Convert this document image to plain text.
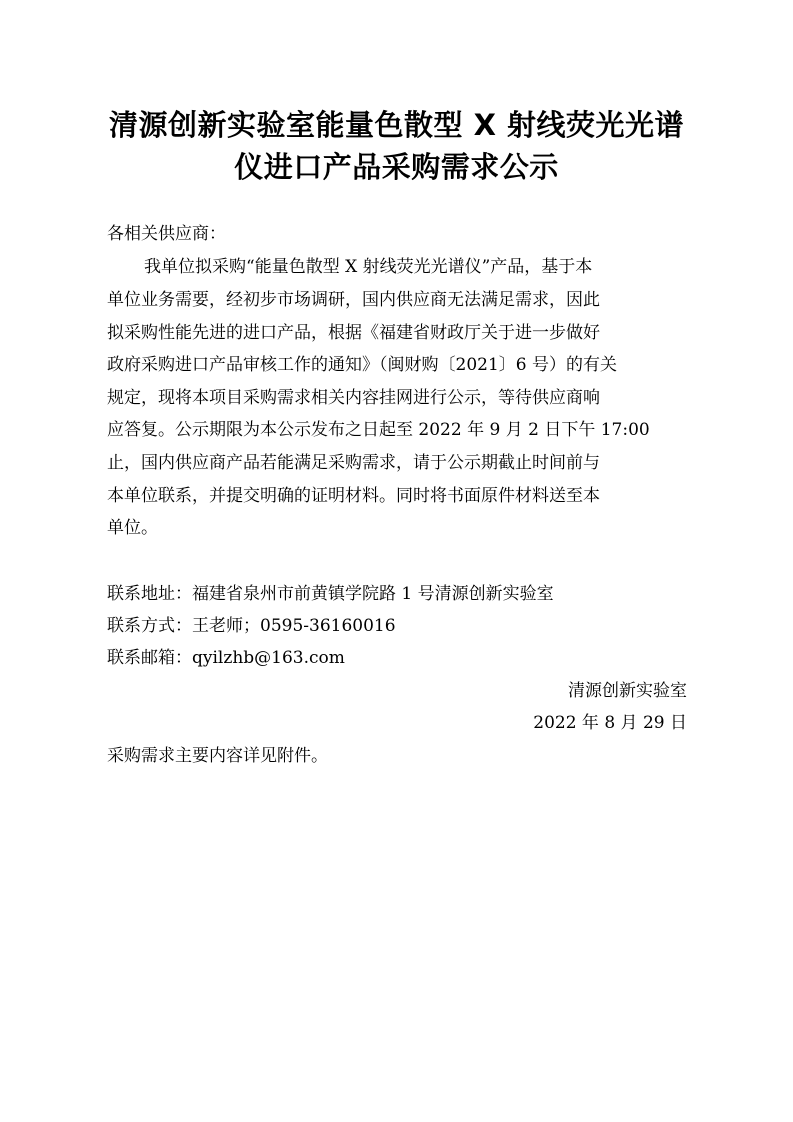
清源创新实验室能量色散型 X 射线荧光光谱
仪进口产品采购需求公示
各相关供应商：
我单位拟采购“能量色散型 X 射线荧光光谱仪”产品，基于本
单位业务需要，经初步市场调研，国内供应商无法满足需求，因此
拟采购性能先进的进口产品，根据《福建省财政厅关于进一步做好
政府采购进口产品审核工作的通知》（闽财购〔2021〕6 号）的有关
规定，现将本项目采购需求相关内容挂网进行公示，等待供应商响
应答复。公示期限为本公示发布之日起至 2022 年 9 月 2 日下午 17:00
止，国内供应商产品若能满足采购需求，请于公示期截止时间前与
本单位联系，并提交明确的证明材料。同时将书面原件材料送至本
单位。
联系地址：福建省泉州市前黄镇学院路 1 号清源创新实验室
联系方式：王老师；0595-36160016
联系邮箱：qyilzhb@163.com
清源创新实验室
2022 年 8 月 29 日
采购需求主要内容详见附件。
